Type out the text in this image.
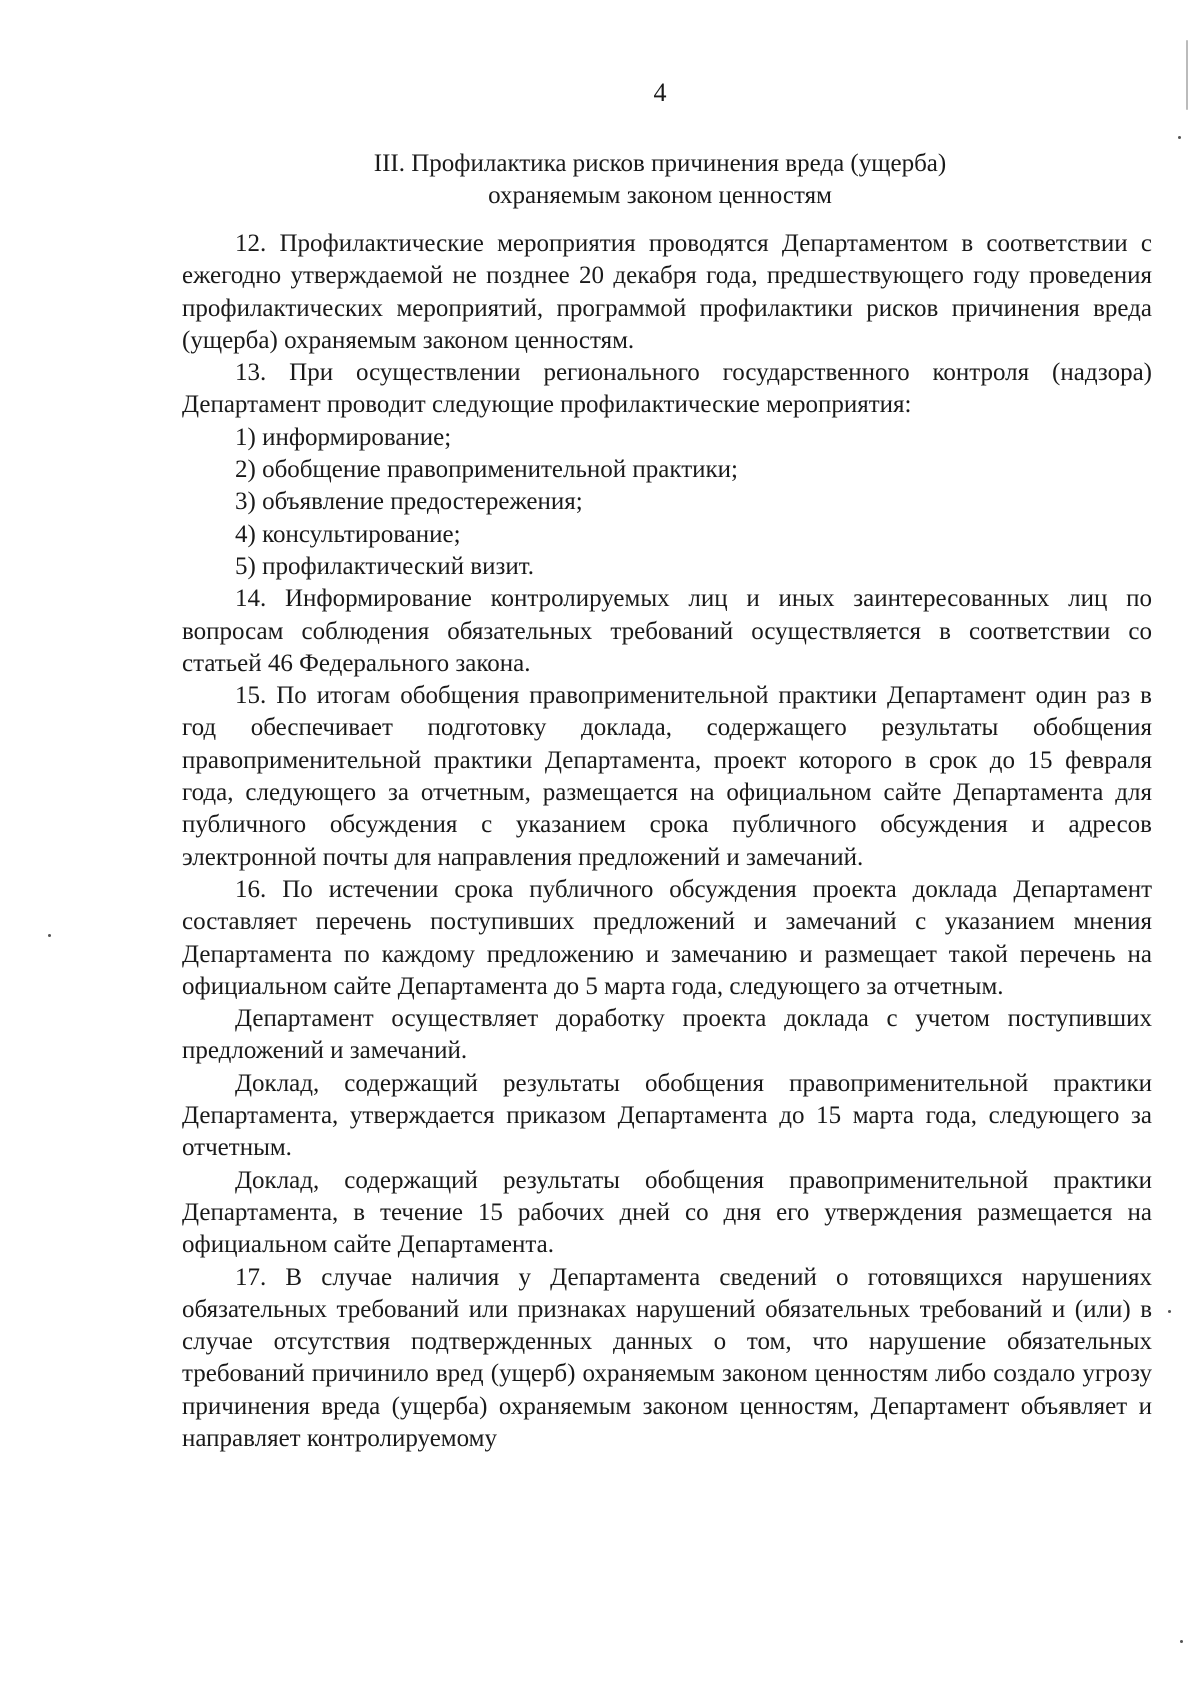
4
III. Профилактика рисков причинения вреда (ущерба)
охраняемым законом ценностям

12. Профилактические мероприятия проводятся Департаментом в соответствии с ежегодно утверждаемой не позднее 20 декабря года, предшествующего году проведения профилактических мероприятий, программой профилактики рисков причинения вреда (ущерба) охраняемым законом ценностям.

13. При осуществлении регионального государственного контроля (надзора) Департамент проводит следующие профилактические мероприятия:

1) информирование;

2) обобщение правоприменительной практики;

3) объявление предостережения;

4) консультирование;

5) профилактический визит.

14. Информирование контролируемых лиц и иных заинтересованных лиц по вопросам соблюдения обязательных требований осуществляется в соответствии со статьей 46 Федерального закона.

15. По итогам обобщения правоприменительной практики Департамент один раз в год обеспечивает подготовку доклада, содержащего результаты обобщения правоприменительной практики Департамента, проект которого в срок до 15 февраля года, следующего за отчетным, размещается на официальном сайте Департамента для публичного обсуждения с указанием срока публичного обсуждения и адресов электронной почты для направления предложений и замечаний.

16. По истечении срока публичного обсуждения проекта доклада Департамент составляет перечень поступивших предложений и замечаний с указанием мнения Департамента по каждому предложению и замечанию и размещает такой перечень на официальном сайте Департамента до 5 марта года, следующего за отчетным.

Департамент осуществляет доработку проекта доклада с учетом поступивших предложений и замечаний.

Доклад, содержащий результаты обобщения правоприменительной практики Департамента, утверждается приказом Департамента до 15 марта года, следующего за отчетным.

Доклад, содержащий результаты обобщения правоприменительной практики Департамента, в течение 15 рабочих дней со дня его утверждения размещается на официальном сайте Департамента.

17. В случае наличия у Департамента сведений о готовящихся нарушениях обязательных требований или признаках нарушений обязательных требований и (или) в случае отсутствия подтвержденных данных о том, что нарушение обязательных требований причинило вред (ущерб) охраняемым законом ценностям либо создало угрозу причинения вреда (ущерба) охраняемым законом ценностям, Департамент объявляет и направляет контролируемому
